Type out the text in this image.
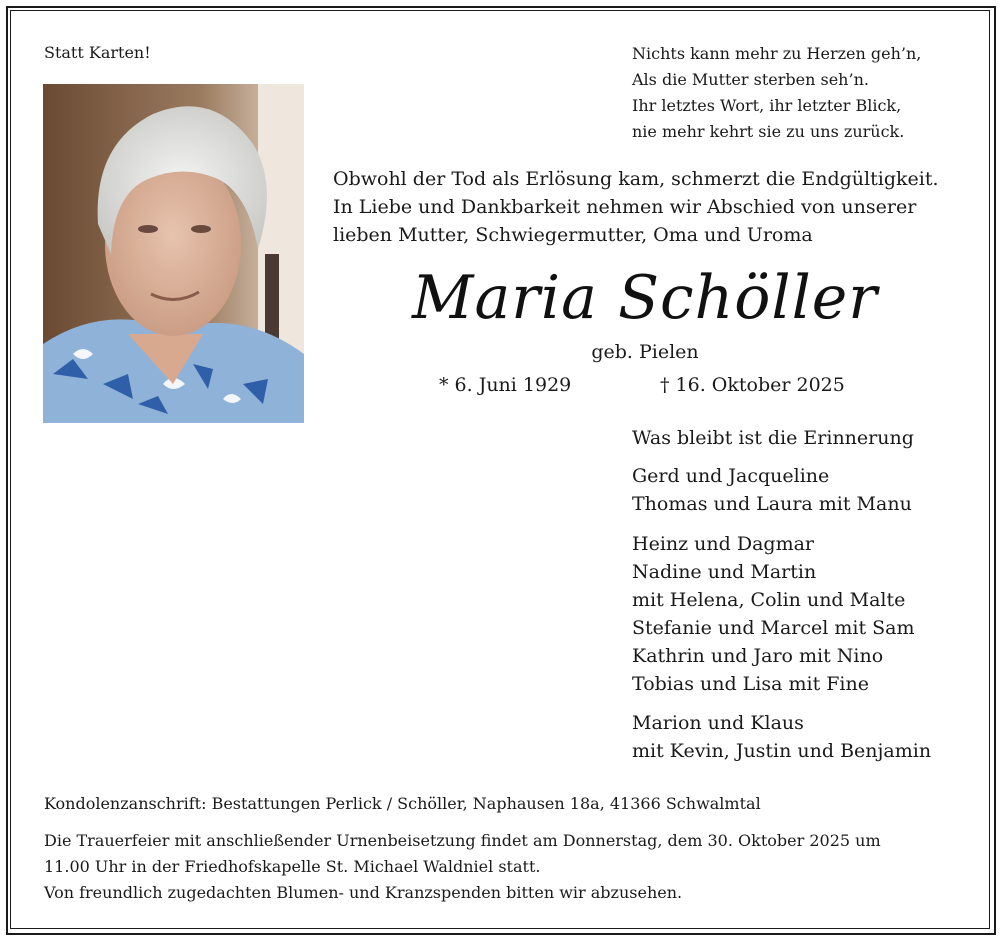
Statt Karten!	Nichts kann mehr zu Herzen geh’n,

Als die Mutter sterben seh’n.

Ihr letztes Wort, ihr letzter Blick,

nie mehr kehrt sie zu uns zurück.

Obwohl der Tod als Erlösung kam, schmerzt die Endgültigkeit.

In Liebe und Dankbarkeit nehmen wir Abschied von unserer

lieben Mutter, Schwiegermutter, Oma und Uroma

Maria Schöller

geb. Pielen

* 6. Juni 1929	† 16. Oktober 2025

Was bleibt ist die Erinnerung

Gerd und Jacqueline

Thomas und Laura mit Manu

Heinz und Dagmar

Nadine und Martin

mit Helena, Colin und Malte

Stefanie und Marcel mit Sam

Kathrin und Jaro mit Nino

Tobias und Lisa mit Fine

Marion und Klaus

mit Kevin, Justin und Benjamin

Kondolenzanschrift: Bestattungen Perlick / Schöller, Naphausen 18a, 41366 Schwalmtal

Die Trauerfeier mit anschließender Urnenbeisetzung findet am Donnerstag, dem 30. Oktober 2025 um

11.00 Uhr in der Friedhofskapelle St. Michael Waldniel statt.

Von freundlich zugedachten Blumen- und Kranzspenden bitten wir abzusehen.
